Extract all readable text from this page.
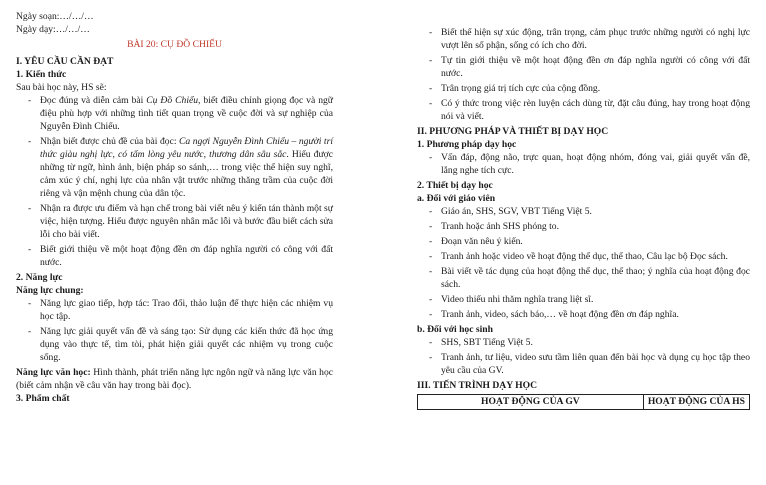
Ngày soạn:…/…/…

Ngày dạy:…/…/…

BÀI 20: CỤ ĐỒ CHIỂU

I. YÊU CẦU CẦN ĐẠT

1. Kiến thức

Sau bài học này, HS sẽ:

- Đọc đúng và diễn cảm bài Cụ Đồ Chiểu, biết điều chỉnh giọng đọc và ngữ điệu phù hợp với những tình tiết quan trọng về cuộc đời và sự nghiệp của Nguyễn Đình Chiểu.
- Nhận biết được chủ đề của bài đọc: Ca ngợi Nguyễn Đình Chiểu – người trí thức giàu nghị lực, có tấm lòng yêu nước, thương dân sâu sắc. Hiểu được những từ ngữ, hình ảnh, biện pháp so sánh,… trong việc thể hiện suy nghĩ, cảm xúc ý chí, nghị lực của nhân vật trước những thăng trầm của cuộc đời riêng và vận mệnh chung của dân tộc.
- Nhận ra được ưu điểm và hạn chế trong bài viết nêu ý kiến tán thành một sự việc, hiện tượng. Hiểu được nguyên nhân mắc lỗi và bước đầu biết cách sửa lỗi cho bài viết.
- Biết giới thiệu về một hoạt động đền ơn đáp nghĩa người có công với đất nước.

2. Năng lực

Năng lực chung:

- Năng lực giao tiếp, hợp tác: Trao đổi, thảo luận để thực hiện các nhiệm vụ học tập.
- Năng lực giải quyết vấn đề và sáng tạo: Sử dụng các kiến thức đã học ứng dụng vào thực tế, tìm tòi, phát hiện giải quyết các nhiệm vụ trong cuộc sống.

Năng lực văn học: Hình thành, phát triển năng lực ngôn ngữ và năng lực văn học (biết cảm nhận về câu văn hay trong bài đọc).

3. Phẩm chất

- Biết thể hiện sự xúc động, trân trọng, cảm phục trước những người có nghị lực vượt lên số phận, sống có ích cho đời.
- Tự tin giới thiệu về một hoạt động đền ơn đáp nghĩa người có công với đất nước.
- Trân trọng giá trị tích cực của cộng đồng.
- Có ý thức trong việc rèn luyện cách dùng từ, đặt câu đúng, hay trong hoạt động nói và viết.

II. PHƯƠNG PHÁP VÀ THIẾT BỊ DẠY HỌC

1. Phương pháp dạy học

- Vấn đáp, động não, trực quan, hoạt động nhóm, đóng vai, giải quyết vấn đề, lắng nghe tích cực.

2. Thiết bị dạy học

a. Đối với giáo viên

- Giáo án, SHS, SGV, VBT Tiếng Việt 5.
- Tranh hoặc ảnh SHS phóng to.
- Đoạn văn nêu ý kiến.
- Tranh ảnh hoặc video về hoạt động thể dục, thể thao, Câu lạc bộ Đọc sách.
- Bài viết về tác dụng của hoạt động thể dục, thể thao; ý nghĩa của hoạt động đọc sách.
- Video thiếu nhi thăm nghĩa trang liệt sĩ.
- Tranh ảnh, video, sách báo,… về hoạt động đền ơn đáp nghĩa.

b. Đối với học sinh

- SHS, SBT Tiếng Việt 5.
- Tranh ảnh, tư liệu, video sưu tầm liên quan đến bài học và dụng cụ học tập theo yêu cầu của GV.

III. TIẾN TRÌNH DẠY HỌC

HOẠT ĐỘNG CỦA GV	HOẠT ĐỘNG CỦA HS
